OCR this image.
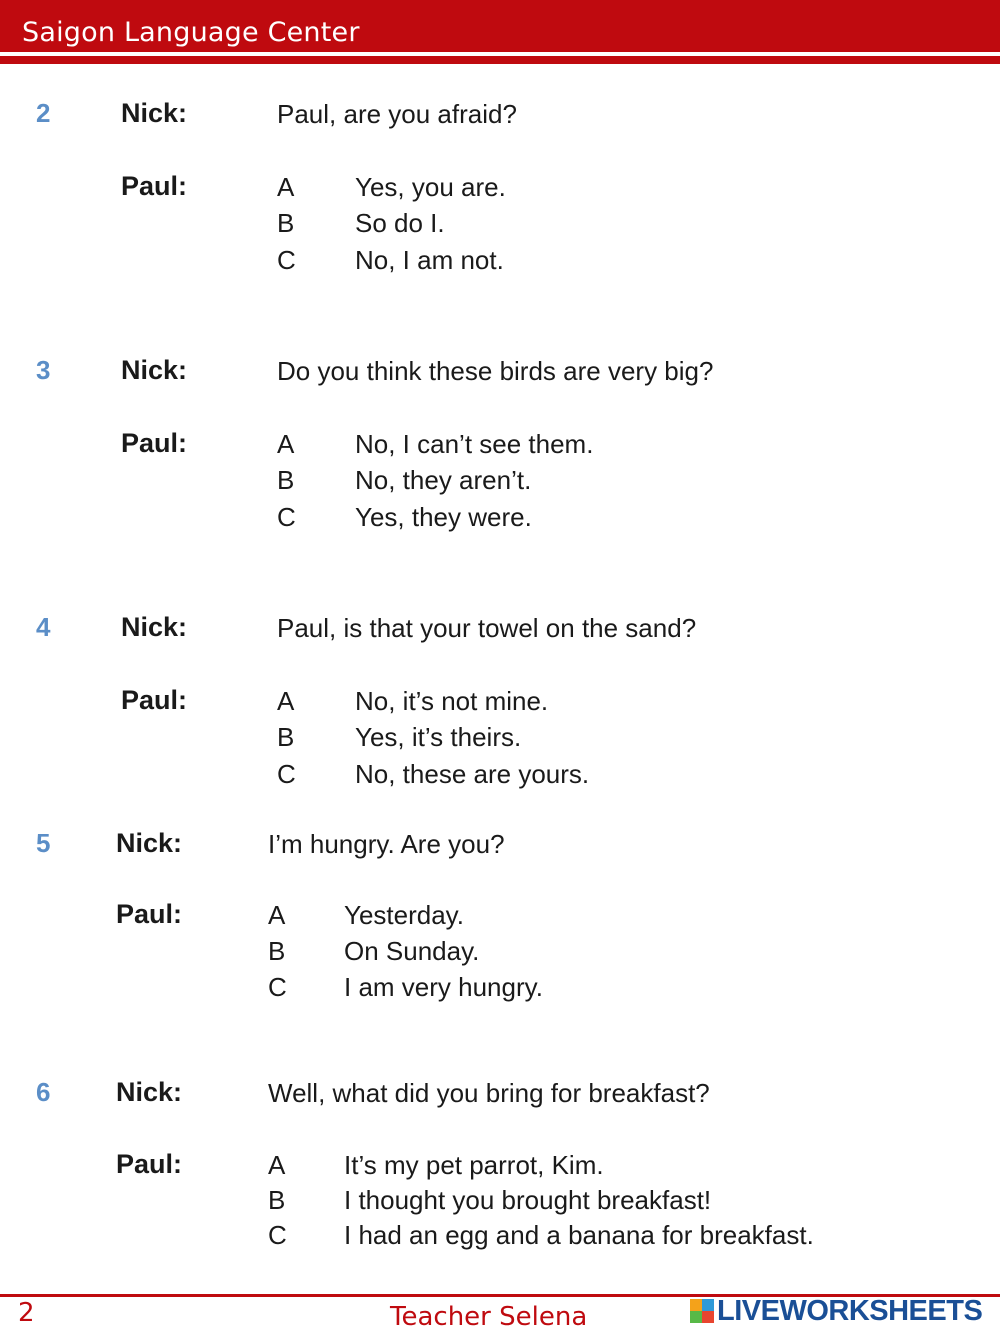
Saigon Language Center
2	Nick:	Paul, are you afraid?
Paul:	A Yes, you are.
B So do I.
C No, I am not.
3	Nick:	Do you think these birds are very big?
Paul:	A No, I can’t see them.
B No, they aren’t.
C Yes, they were.
4	Nick:	Paul, is that your towel on the sand?
Paul:	A No, it’s not mine.
B Yes, it’s theirs.
C No, these are yours.
5 Nick:	I’m hungry. Are you?
Paul:	A Yesterday.
B On Sunday.
C I am very hungry.
6 Nick:	Well, what did you bring for breakfast?
Paul:	A It’s my pet parrot, Kim.
B I thought you brought breakfast!
C I had an egg and a banana for breakfast.
2	Teacher Selena	LIVEWORKSHEETS
